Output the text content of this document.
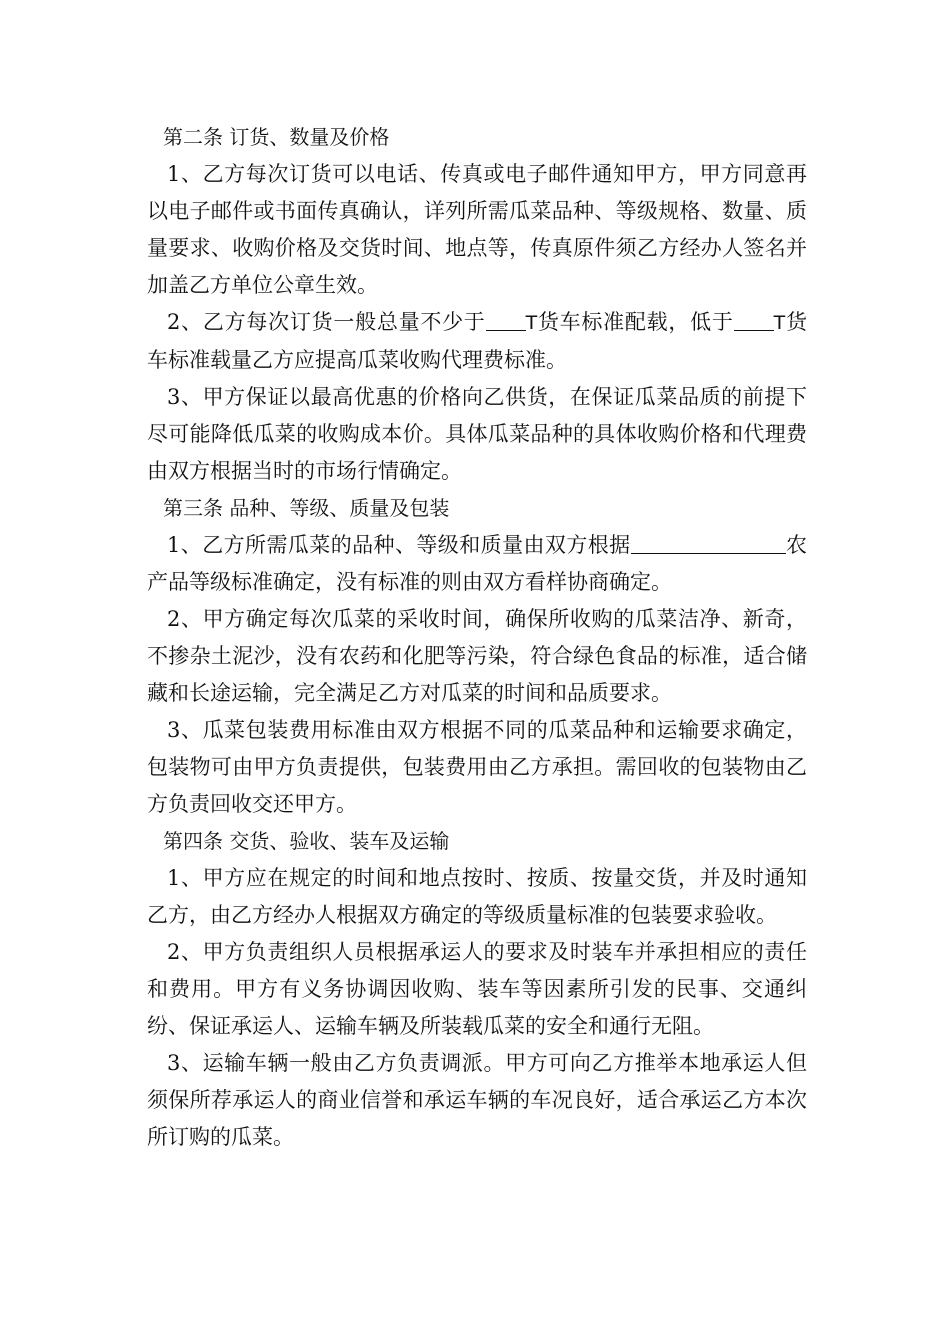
第二条 订货、数量及价格

1、乙方每次订货可以电话、传真或电子邮件通知甲方，甲方同意再以电子邮件或书面传真确认，详列所需瓜菜品种、等级规格、数量、质量要求、收购价格及交货时间、地点等，传真原件须乙方经办人签名并加盖乙方单位公章生效。

2、乙方每次订货一般总量不少于 T货车标准配载，低于 T货车标准载量乙方应提高瓜菜收购代理费标准。

3、甲方保证以最高优惠的价格向乙供货，在保证瓜菜品质的前提下尽可能降低瓜菜的收购成本价。具体瓜菜品种的具体收购价格和代理费由双方根据当时的市场行情确定。

第三条 品种、等级、质量及包装

1、乙方所需瓜菜的品种、等级和质量由双方根据	农产品等级标准确定，没有标准的则由双方看样协商确定。

2、甲方确定每次瓜菜的采收时间，确保所收购的瓜菜洁净、新奇，不掺杂土泥沙，没有农药和化肥等污染，符合绿色食品的标准，适合储藏和长途运输，完全满足乙方对瓜菜的时间和品质要求。

3、瓜菜包装费用标准由双方根据不同的瓜菜品种和运输要求确定，包装物可由甲方负责提供，包装费用由乙方承担。需回收的包装物由乙方负责回收交还甲方。

第四条 交货、验收、装车及运输

1、甲方应在规定的时间和地点按时、按质、按量交货，并及时通知乙方，由乙方经办人根据双方确定的等级质量标准的包装要求验收。

2、甲方负责组织人员根据承运人的要求及时装车并承担相应的责任和费用。甲方有义务协调因收购、装车等因素所引发的民事、交通纠纷、保证承运人、运输车辆及所装载瓜菜的安全和通行无阻。

3、运输车辆一般由乙方负责调派。甲方可向乙方推举本地承运人但须保所荐承运人的商业信誉和承运车辆的车况良好，适合承运乙方本次所订购的瓜菜。
